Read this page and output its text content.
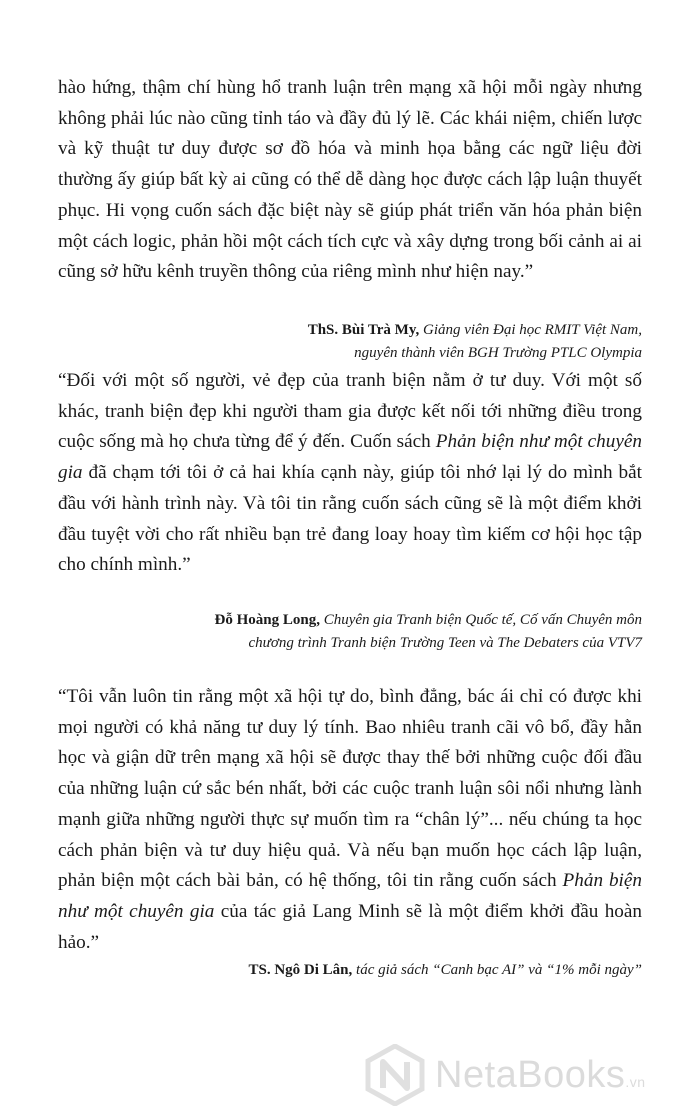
hào hứng, thậm chí hùng hổ tranh luận trên mạng xã hội mỗi ngày nhưng không phải lúc nào cũng tỉnh táo và đầy đủ lý lẽ. Các khái niệm, chiến lược và kỹ thuật tư duy được sơ đồ hóa và minh họa bằng các ngữ liệu đời thường ấy giúp bất kỳ ai cũng có thể dễ dàng học được cách lập luận thuyết phục. Hi vọng cuốn sách đặc biệt này sẽ giúp phát triển văn hóa phản biện một cách logic, phản hồi một cách tích cực và xây dựng trong bối cảnh ai ai cũng sở hữu kênh truyền thông của riêng mình như hiện nay.”

ThS. Bùi Trà My, Giảng viên Đại học RMIT Việt Nam,
nguyên thành viên BGH Trường PTLC Olympia

“Đối với một số người, vẻ đẹp của tranh biện nằm ở tư duy. Với một số khác, tranh biện đẹp khi người tham gia được kết nối tới những điều trong cuộc sống mà họ chưa từng để ý đến. Cuốn sách Phản biện như một chuyên gia đã chạm tới tôi ở cả hai khía cạnh này, giúp tôi nhớ lại lý do mình bắt đầu với hành trình này. Và tôi tin rằng cuốn sách cũng sẽ là một điểm khởi đầu tuyệt vời cho rất nhiều bạn trẻ đang loay hoay tìm kiếm cơ hội học tập cho chính mình.”

Đỗ Hoàng Long, Chuyên gia Tranh biện Quốc tế, Cố vấn Chuyên môn
chương trình Tranh biện Trường Teen và The Debaters của VTV7

“Tôi vẫn luôn tin rằng một xã hội tự do, bình đẳng, bác ái chỉ có được khi mọi người có khả năng tư duy lý tính. Bao nhiêu tranh cãi vô bổ, đầy hằn học và giận dữ trên mạng xã hội sẽ được thay thế bởi những cuộc đối đầu của những luận cứ sắc bén nhất, bởi các cuộc tranh luận sôi nổi nhưng lành mạnh giữa những người thực sự muốn tìm ra “chân lý”... nếu chúng ta học cách phản biện và tư duy hiệu quả. Và nếu bạn muốn học cách lập luận, phản biện một cách bài bản, có hệ thống, tôi tin rằng cuốn sách Phản biện như một chuyên gia của tác giả Lang Minh sẽ là một điểm khởi đầu hoàn hảo.”

TS. Ngô Di Lân, tác giả sách “Canh bạc AI” và “1% mỗi ngày”

NetaBooks.vn
